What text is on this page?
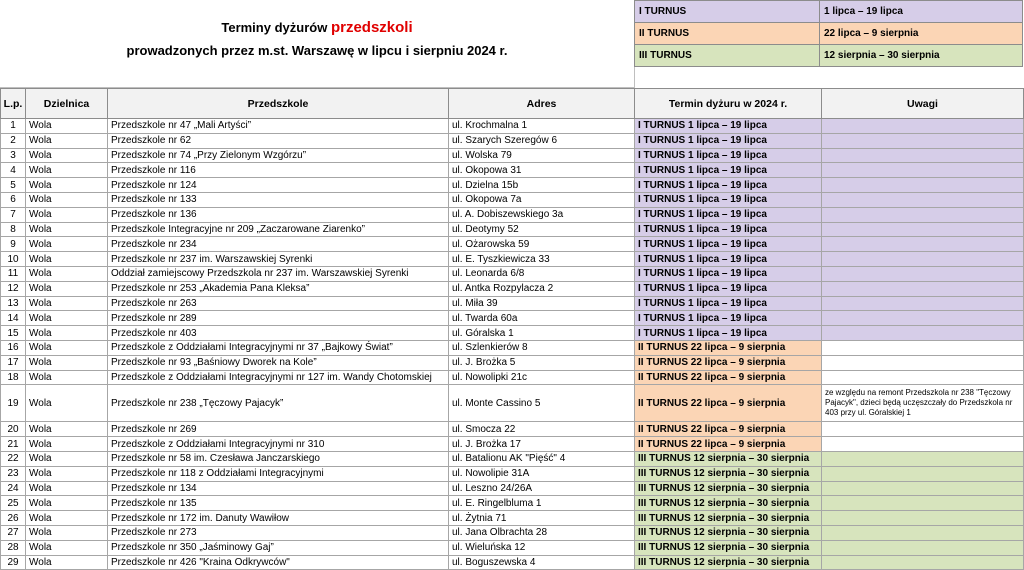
Terminy dyżurów przedszkoli
prowadzonych przez m.st. Warszawę w lipcu i sierpniu 2024 r.
I TURNUS	1 lipca – 19 lipca
II TURNUS	22 lipca – 9 sierpnia
III TURNUS	12 sierpnia – 30 sierpnia
L.p.	Dzielnica	Przedszkole	Adres	Termin dyżuru w 2024 r.	Uwagi
1	Wola	Przedszkole nr 47 „Mali Artyści”	ul. Krochmalna 1	I TURNUS 1 lipca – 19 lipca	
2	Wola	Przedszkole nr 62	ul. Szarych Szeregów 6	I TURNUS 1 lipca – 19 lipca	
3	Wola	Przedszkole nr 74 „Przy Zielonym Wzgórzu”	ul. Wolska 79	I TURNUS 1 lipca – 19 lipca	
4	Wola	Przedszkole nr 116	ul. Okopowa 31	I TURNUS 1 lipca – 19 lipca	
5	Wola	Przedszkole nr 124	ul. Dzielna 15b	I TURNUS 1 lipca – 19 lipca	
6	Wola	Przedszkole nr 133	ul. Okopowa 7a	I TURNUS 1 lipca – 19 lipca	
7	Wola	Przedszkole nr 136	ul. A. Dobiszewskiego 3a	I TURNUS 1 lipca – 19 lipca	
8	Wola	Przedszkole Integracyjne nr 209 „Zaczarowane Ziarenko”	ul. Deotymy 52	I TURNUS 1 lipca – 19 lipca	
9	Wola	Przedszkole nr 234	ul. Ożarowska 59	I TURNUS 1 lipca – 19 lipca	
10	Wola	Przedszkole nr 237 im. Warszawskiej Syrenki	ul. E. Tyszkiewicza 33	I TURNUS 1 lipca – 19 lipca	
11	Wola	Oddział zamiejscowy Przedszkola nr 237 im. Warszawskiej Syrenki	ul. Leonarda 6/8	I TURNUS 1 lipca – 19 lipca	
12	Wola	Przedszkole nr 253 „Akademia Pana Kleksa”	ul. Antka Rozpylacza 2	I TURNUS 1 lipca – 19 lipca	
13	Wola	Przedszkole nr 263	ul. Miła 39	I TURNUS 1 lipca – 19 lipca	
14	Wola	Przedszkole nr 289	ul. Twarda 60a	I TURNUS 1 lipca – 19 lipca	
15	Wola	Przedszkole nr 403	ul. Góralska 1	I TURNUS 1 lipca – 19 lipca	
16	Wola	Przedszkole z Oddziałami Integracyjnymi nr 37 „Bajkowy Świat”	ul. Szlenkierów 8	II TURNUS 22 lipca – 9 sierpnia	
17	Wola	Przedszkole nr 93 „Baśniowy Dworek na Kole”	ul. J. Brożka 5	II TURNUS 22 lipca – 9 sierpnia	
18	Wola	Przedszkole z Oddziałami Integracyjnymi nr 127 im. Wandy Chotomskiej	ul. Nowolipki 21c	II TURNUS 22 lipca – 9 sierpnia	
19	Wola	Przedszkole nr 238 „Tęczowy Pajacyk”	ul. Monte Cassino 5	II TURNUS 22 lipca – 9 sierpnia	ze względu na remont Przedszkola nr 238 "Tęczowy Pajacyk", dzieci będą uczęszczały do Przedszkola nr 403 przy ul. Góralskiej 1
20	Wola	Przedszkole nr 269	ul. Smocza 22	II TURNUS 22 lipca – 9 sierpnia	
21	Wola	Przedszkole z Oddziałami Integracyjnymi nr 310	ul. J. Brożka 17	II TURNUS 22 lipca – 9 sierpnia	
22	Wola	Przedszkole nr 58 im. Czesława Janczarskiego	ul. Batalionu AK "Pięść" 4	III TURNUS 12 sierpnia – 30 sierpnia	
23	Wola	Przedszkole nr 118 z Oddziałami Integracyjnymi	ul. Nowolipie 31A	III TURNUS 12 sierpnia – 30 sierpnia	
24	Wola	Przedszkole nr 134	ul. Leszno 24/26A	III TURNUS 12 sierpnia – 30 sierpnia	
25	Wola	Przedszkole nr 135	ul. E. Ringelbluma 1	III TURNUS 12 sierpnia – 30 sierpnia	
26	Wola	Przedszkole nr 172 im. Danuty Wawiłow	ul. Żytnia 71	III TURNUS 12 sierpnia – 30 sierpnia	
27	Wola	Przedszkole nr 273	ul. Jana Olbrachta 28	III TURNUS 12 sierpnia – 30 sierpnia	
28	Wola	Przedszkole nr 350 „Jaśminowy Gaj”	ul. Wieluńska 12	III TURNUS 12 sierpnia – 30 sierpnia	
29	Wola	Przedszkole nr 426 "Kraina Odkrywców"	ul. Boguszewska 4	III TURNUS 12 sierpnia – 30 sierpnia	
